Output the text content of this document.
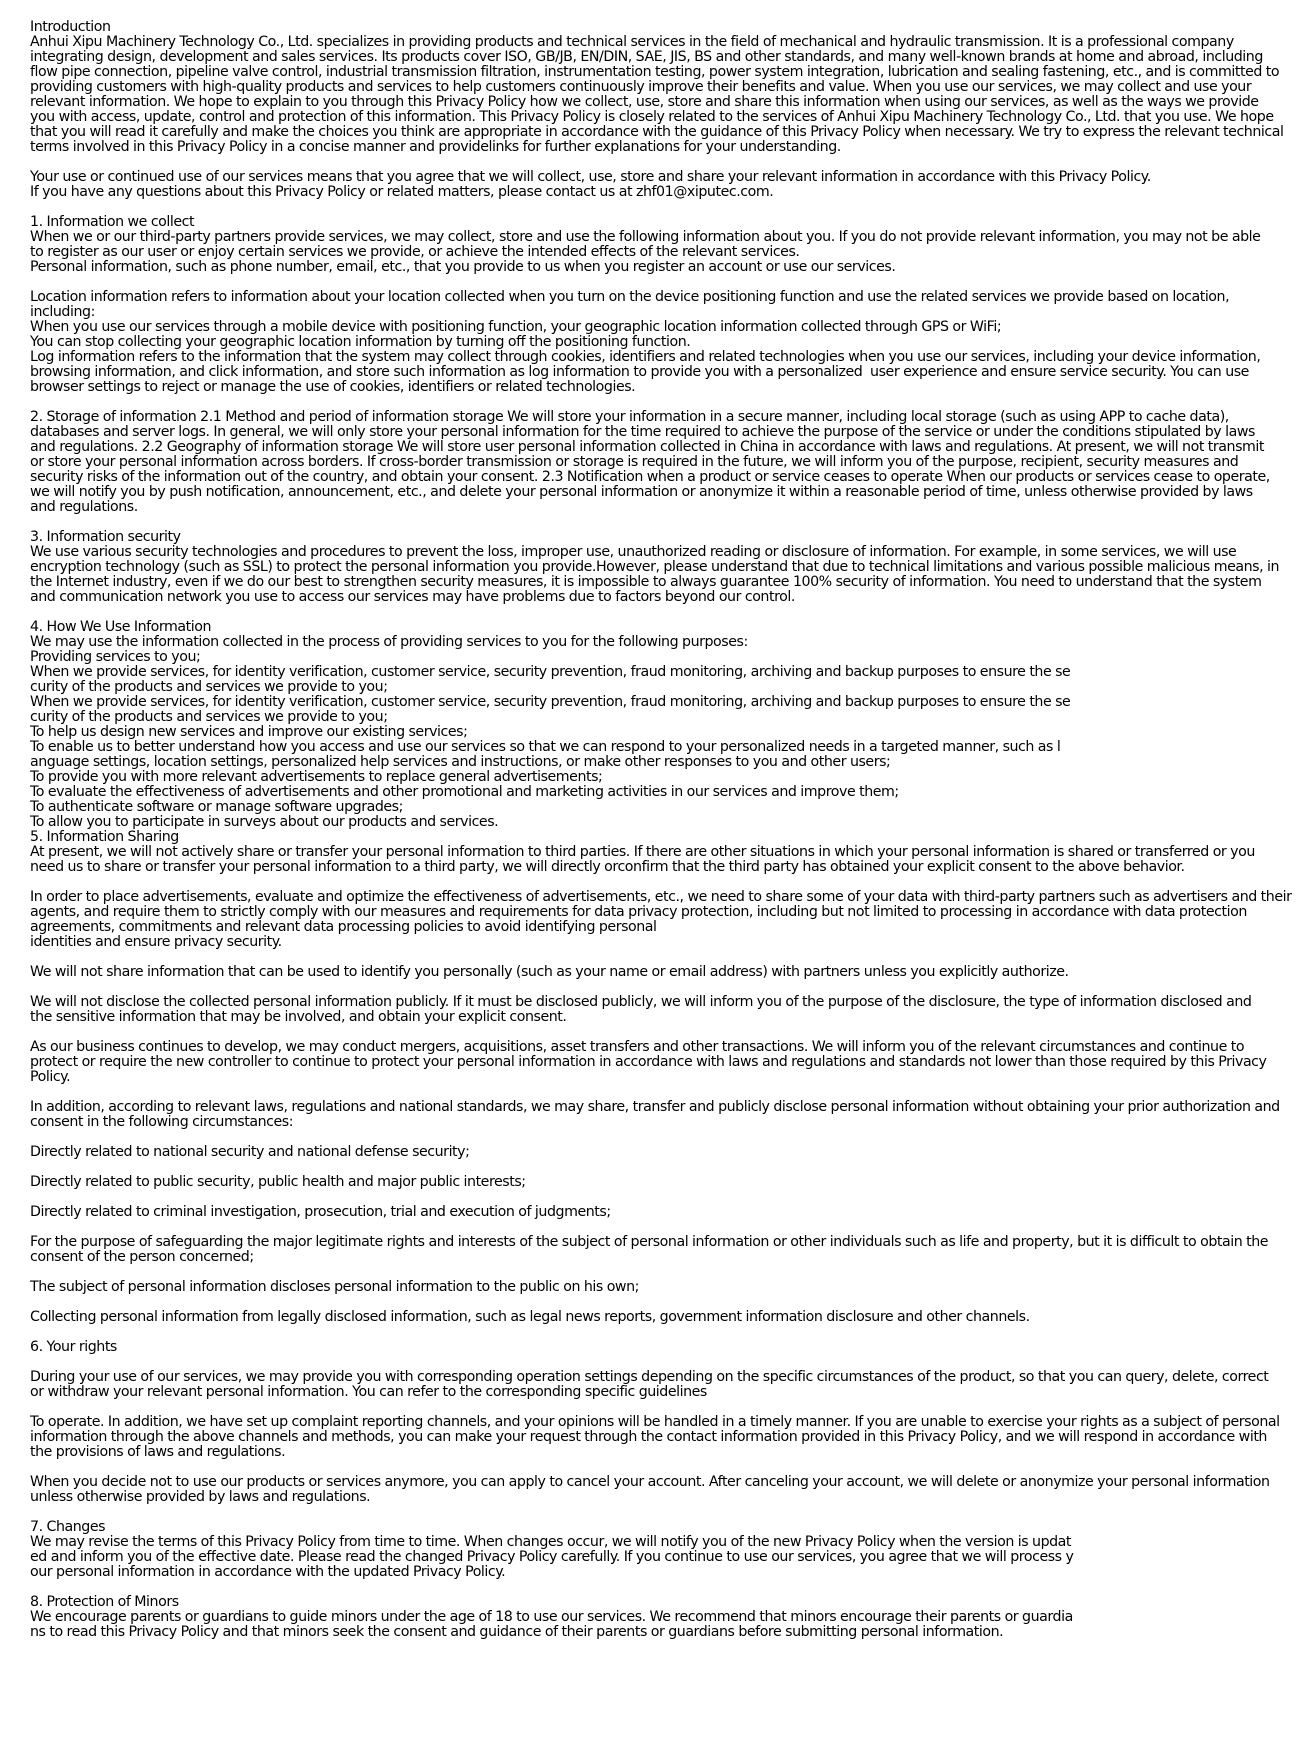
Introduction
Anhui Xipu Machinery Technology Co., Ltd. specializes in providing products and technical services in the field of mechanical and hydraulic transmission. It is a professional company
integrating design, development and sales services. Its products cover ISO, GB/JB, EN/DIN, SAE, JIS, BS and other standards, and many well-known brands at home and abroad, including
flow pipe connection, pipeline valve control, industrial transmission filtration, instrumentation testing, power system integration, lubrication and sealing fastening, etc., and is committed to
providing customers with high-quality products and services to help customers continuously improve their benefits and value. When you use our services, we may collect and use your
relevant information. We hope to explain to you through this Privacy Policy how we collect, use, store and share this information when using our services, as well as the ways we provide
you with access, update, control and protection of this information. This Privacy Policy is closely related to the services of Anhui Xipu Machinery Technology Co., Ltd. that you use. We hope
that you will read it carefully and make the choices you think are appropriate in accordance with the guidance of this Privacy Policy when necessary. We try to express the relevant technical
terms involved in this Privacy Policy in a concise manner and providelinks for further explanations for your understanding.
Your use or continued use of our services means that you agree that we will collect, use, store and share your relevant information in accordance with this Privacy Policy.
If you have any questions about this Privacy Policy or related matters, please contact us at zhf01@xiputec.com.
1. Information we collect
When we or our third-party partners provide services, we may collect, store and use the following information about you. If you do not provide relevant information, you may not be able
to register as our user or enjoy certain services we provide, or achieve the intended effects of the relevant services.
Personal information, such as phone number, email, etc., that you provide to us when you register an account or use our services.
Location information refers to information about your location collected when you turn on the device positioning function and use the related services we provide based on location,
including:
When you use our services through a mobile device with positioning function, your geographic location information collected through GPS or WiFi;
You can stop collecting your geographic location information by turning off the positioning function.
Log information refers to the information that the system may collect through cookies, identifiers and related technologies when you use our services, including your device information,
browsing information, and click information, and store such information as log information to provide you with a personalized  user experience and ensure service security. You can use
browser settings to reject or manage the use of cookies, identifiers or related technologies.
2. Storage of information 2.1 Method and period of information storage We will store your information in a secure manner, including local storage (such as using APP to cache data),
databases and server logs. In general, we will only store your personal information for the time required to achieve the purpose of the service or under the conditions stipulated by laws
and regulations. 2.2 Geography of information storage We will store user personal information collected in China in accordance with laws and regulations. At present, we will not transmit
or store your personal information across borders. If cross-border transmission or storage is required in the future, we will inform you of the purpose, recipient, security measures and
security risks of the information out of the country, and obtain your consent. 2.3 Notification when a product or service ceases to operate When our products or services cease to operate,
we will notify you by push notification, announcement, etc., and delete your personal information or anonymize it within a reasonable period of time, unless otherwise provided by laws
and regulations.
3. Information security
We use various security technologies and procedures to prevent the loss, improper use, unauthorized reading or disclosure of information. For example, in some services, we will use
encryption technology (such as SSL) to protect the personal information you provide.However, please understand that due to technical limitations and various possible malicious means, in
the Internet industry, even if we do our best to strengthen security measures, it is impossible to always guarantee 100% security of information. You need to understand that the system
and communication network you use to access our services may have problems due to factors beyond our control.
4. How We Use Information
We may use the information collected in the process of providing services to you for the following purposes:
Providing services to you;
When we provide services, for identity verification, customer service, security prevention, fraud monitoring, archiving and backup purposes to ensure the se
curity of the products and services we provide to you;
When we provide services, for identity verification, customer service, security prevention, fraud monitoring, archiving and backup purposes to ensure the se
curity of the products and services we provide to you;
To help us design new services and improve our existing services;
To enable us to better understand how you access and use our services so that we can respond to your personalized needs in a targeted manner, such as l
anguage settings, location settings, personalized help services and instructions, or make other responses to you and other users;
To provide you with more relevant advertisements to replace general advertisements;
To evaluate the effectiveness of advertisements and other promotional and marketing activities in our services and improve them;
To authenticate software or manage software upgrades;
To allow you to participate in surveys about our products and services.
5. Information Sharing
At present, we will not actively share or transfer your personal information to third parties. If there are other situations in which your personal information is shared or transferred or you
need us to share or transfer your personal information to a third party, we will directly orconfirm that the third party has obtained your explicit consent to the above behavior.
In order to place advertisements, evaluate and optimize the effectiveness of advertisements, etc., we need to share some of your data with third-party partners such as advertisers and their
agents, and require them to strictly comply with our measures and requirements for data privacy protection, including but not limited to processing in accordance with data protection
agreements, commitments and relevant data processing policies to avoid identifying personal
identities and ensure privacy security.
We will not share information that can be used to identify you personally (such as your name or email address) with partners unless you explicitly authorize.
We will not disclose the collected personal information publicly. If it must be disclosed publicly, we will inform you of the purpose of the disclosure, the type of information disclosed and
the sensitive information that may be involved, and obtain your explicit consent.
As our business continues to develop, we may conduct mergers, acquisitions, asset transfers and other transactions. We will inform you of the relevant circumstances and continue to
protect or require the new controller to continue to protect your personal information in accordance with laws and regulations and standards not lower than those required by this Privacy
Policy.
In addition, according to relevant laws, regulations and national standards, we may share, transfer and publicly disclose personal information without obtaining your prior authorization and
consent in the following circumstances:
Directly related to national security and national defense security;
Directly related to public security, public health and major public interests;
Directly related to criminal investigation, prosecution, trial and execution of judgments;
For the purpose of safeguarding the major legitimate rights and interests of the subject of personal information or other individuals such as life and property, but it is difficult to obtain the
consent of the person concerned;
The subject of personal information discloses personal information to the public on his own;
Collecting personal information from legally disclosed information, such as legal news reports, government information disclosure and other channels.
6. Your rights
During your use of our services, we may provide you with corresponding operation settings depending on the specific circumstances of the product, so that you can query, delete, correct
or withdraw your relevant personal information. You can refer to the corresponding specific guidelines
To operate. In addition, we have set up complaint reporting channels, and your opinions will be handled in a timely manner. If you are unable to exercise your rights as a subject of personal
information through the above channels and methods, you can make your request through the contact information provided in this Privacy Policy, and we will respond in accordance with
the provisions of laws and regulations.
When you decide not to use our products or services anymore, you can apply to cancel your account. After canceling your account, we will delete or anonymize your personal information
unless otherwise provided by laws and regulations.
7. Changes
We may revise the terms of this Privacy Policy from time to time. When changes occur, we will notify you of the new Privacy Policy when the version is updat
ed and inform you of the effective date. Please read the changed Privacy Policy carefully. If you continue to use our services, you agree that we will process y
our personal information in accordance with the updated Privacy Policy.
8. Protection of Minors
We encourage parents or guardians to guide minors under the age of 18 to use our services. We recommend that minors encourage their parents or guardia
ns to read this Privacy Policy and that minors seek the consent and guidance of their parents or guardians before submitting personal information.
